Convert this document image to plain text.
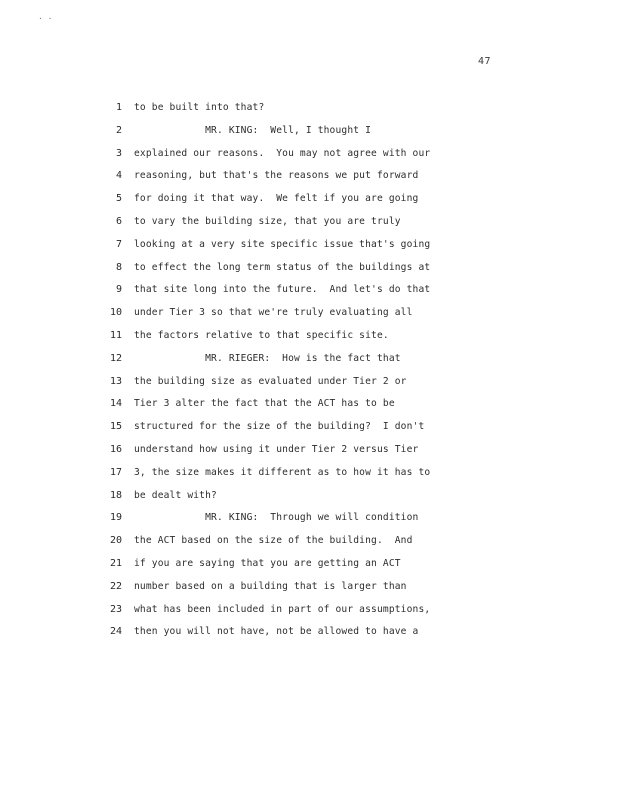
· ·
47
1 to be built into that?
2 MR. KING:  Well, I thought I
3 explained our reasons.  You may not agree with our
4 reasoning, but that's the reasons we put forward
5 for doing it that way.  We felt if you are going
6 to vary the building size, that you are truly
7 looking at a very site specific issue that's going
8 to effect the long term status of the buildings at
9 that site long into the future.  And let's do that
10 under Tier 3 so that we're truly evaluating all
11 the factors relative to that specific site.
12 MR. RIEGER:  How is the fact that
13 the building size as evaluated under Tier 2 or
14 Tier 3 alter the fact that the ACT has to be
15 structured for the size of the building?  I don't
16 understand how using it under Tier 2 versus Tier
17 3, the size makes it different as to how it has to
18 be dealt with?
19 MR. KING:  Through we will condition
20 the ACT based on the size of the building.  And
21 if you are saying that you are getting an ACT
22 number based on a building that is larger than
23 what has been included in part of our assumptions,
24 then you will not have, not be allowed to have a
